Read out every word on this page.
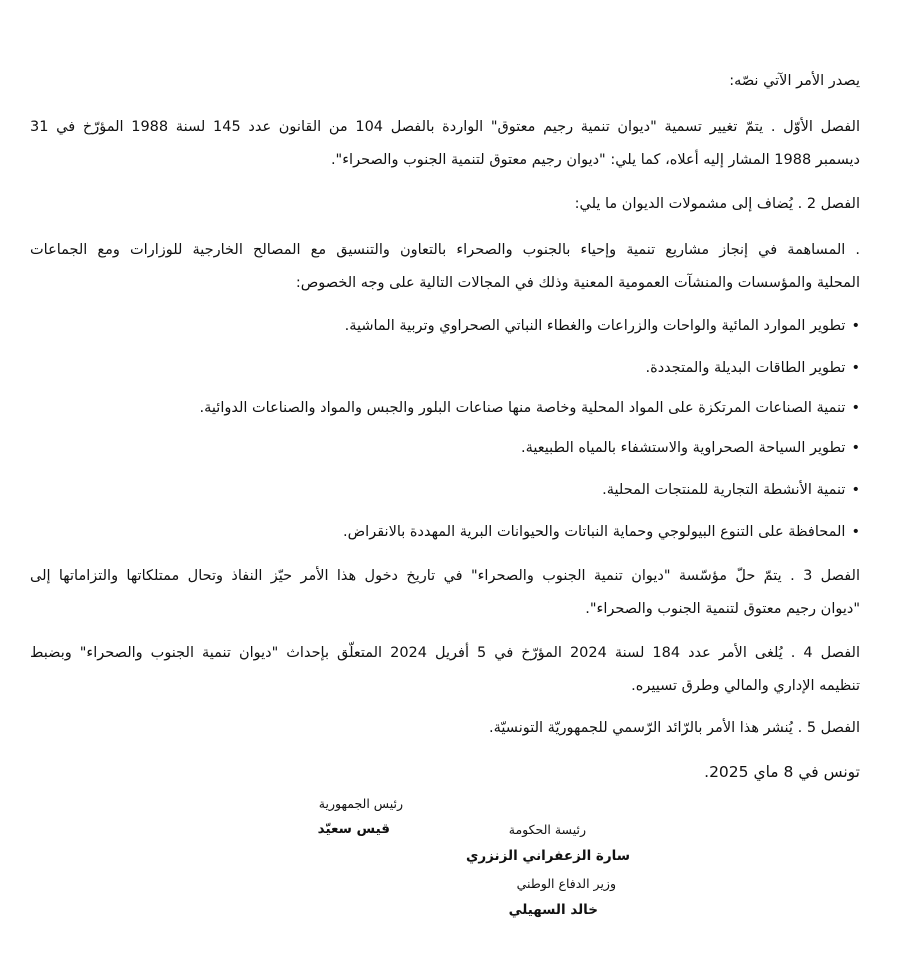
يصدر الأمر الآتي نصّه:
الفصل الأوّل . يتمّ تغيير تسمية "ديوان تنمية رجيم معتوق" الواردة بالفصل 104 من القانون عدد 145 لسنة 1988 المؤرّخ في 31
ديسمبر 1988 المشار إليه أعلاه، كما يلي: "ديوان رجيم معتوق لتنمية الجنوب والصحراء".
الفصل 2 . يُضاف إلى مشمولات الديوان ما يلي:
. المساهمة في إنجاز مشاريع تنمية وإحياء بالجنوب والصحراء بالتعاون والتنسيق مع المصالح الخارجية للوزارات ومع الجماعات
المحلية والمؤسسات والمنشآت العمومية المعنية وذلك في المجالات التالية على وجه الخصوص:
• تطوير الموارد المائية والواحات والزراعات والغطاء النباتي الصحراوي وتربية الماشية.
• تطوير الطاقات البديلة والمتجددة.
• تنمية الصناعات المرتكزة على المواد المحلية وخاصة منها صناعات البلور والجبس والمواد والصناعات الدوائية.
• تطوير السياحة الصحراوية والاستشفاء بالمياه الطبيعية.
• تنمية الأنشطة التجارية للمنتجات المحلية.
• المحافظة على التنوع البيولوجي وحماية النباتات والحيوانات البرية المهددة بالانقراض.
الفصل 3 . يتمّ حلّ مؤسّسة "ديوان تنمية الجنوب والصحراء" في تاريخ دخول هذا الأمر حيّز النفاذ وتحال ممتلكاتها والتزاماتها إلى
"ديوان رجيم معتوق لتنمية الجنوب والصحراء".
الفصل 4 . يُلغى الأمر عدد 184 لسنة 2024 المؤرّخ في 5 أفريل 2024 المتعلّق بإحداث "ديوان تنمية الجنوب والصحراء" وبضبط
تنظيمه الإداري والمالي وطرق تسييره.
الفصل 5 . يُنشر هذا الأمر بالرّائد الرّسمي للجمهوريّة التونسيّة.
تونس في 8 ماي 2025.
رئيس الجمهورية
قيس سعيّد	رئيسة الحكومة
سارة الزعفراني الزنزري
وزير الدفاع الوطني
خالد السهيلي
